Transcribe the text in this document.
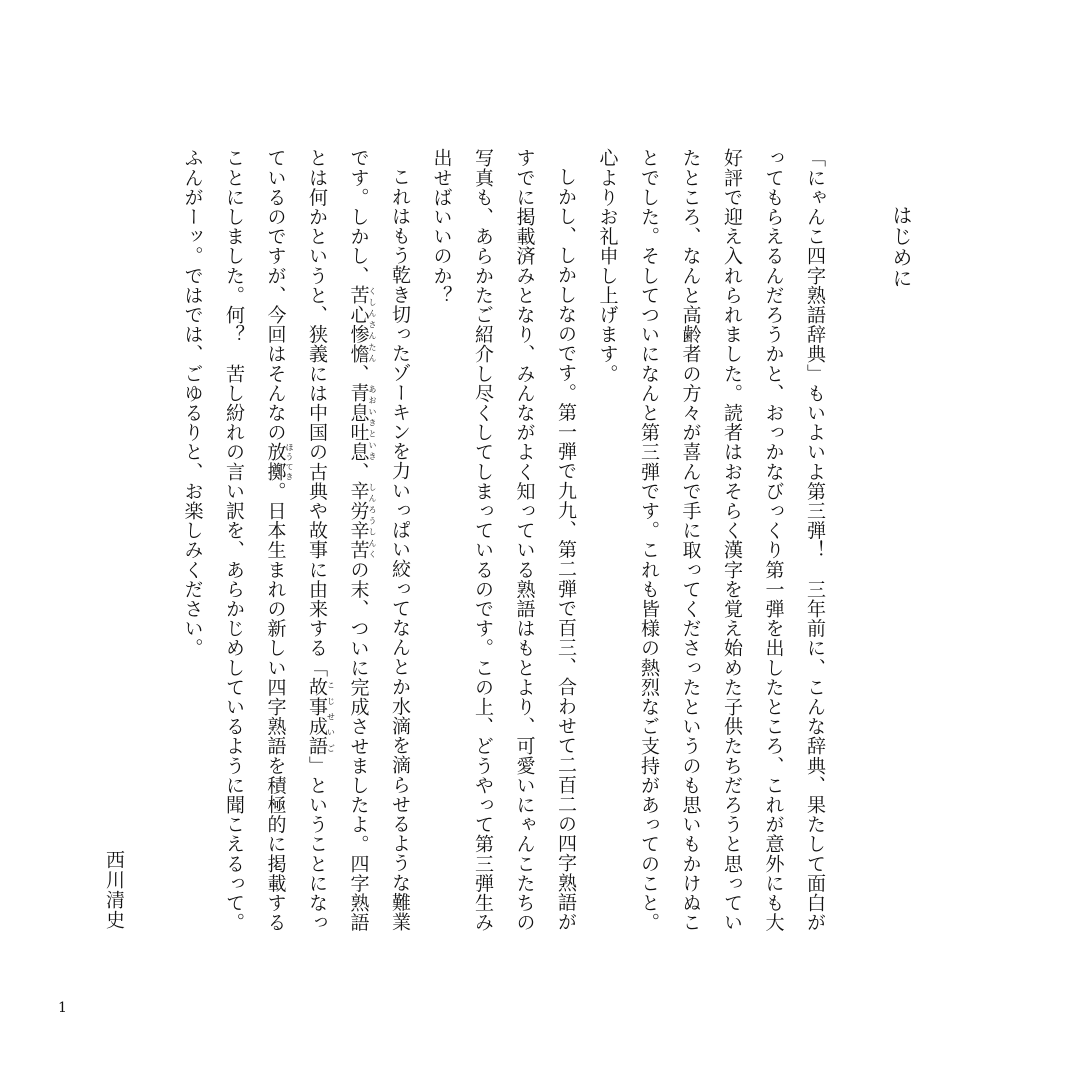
はじめに

「にゃんこ四字熟語辞典」もいよいよ第三弾！　三年前に、こんな辞典、果たして面白がってもらえるんだろうかと、おっかなびっくり第一弾を出したところ、これが意外にも大好評で迎え入れられました。読者はおそらく漢字を覚え始めた子供たちだろうと思っていたところ、なんと高齢者の方々が喜んで手に取ってくださったというのも思いもかけぬことでした。そしてついになんと第三弾です。これも皆様の熱烈なご支持があってのこと。心よりお礼申し上げます。

しかし、しかしなのです。第一弾で九九、第二弾で百三、合わせて二百二の四字熟語がすでに掲載済みとなり、みんながよく知っている熟語はもとより、可愛いにゃんこたちの写真も、あらかたご紹介し尽くしてしまっているのです。この上、どうやって第三弾生み出せばいいのか？

これはもう乾き切ったゾーキンを力いっぱい絞ってなんとか水滴を滴らせるような難業です。しかし、苦心惨憺くしんさんたん、青息吐息あおいきといき、辛労辛苦しんろうしんくの末、ついに完成させましたよ。四字熟語とは何かというと、狭義には中国の古典や故事に由来する「故事成語こじせいご」ということになっているのですが、今回はそんなの放擲ほうてき。日本生まれの新しい四字熟語を積極的に掲載することにしました。何？　苦し紛れの言い訳を、あらかじめしているように聞こえるって。ふんがーッ。ではでは、ごゆるりと、お楽しみください。

西川清史
1
